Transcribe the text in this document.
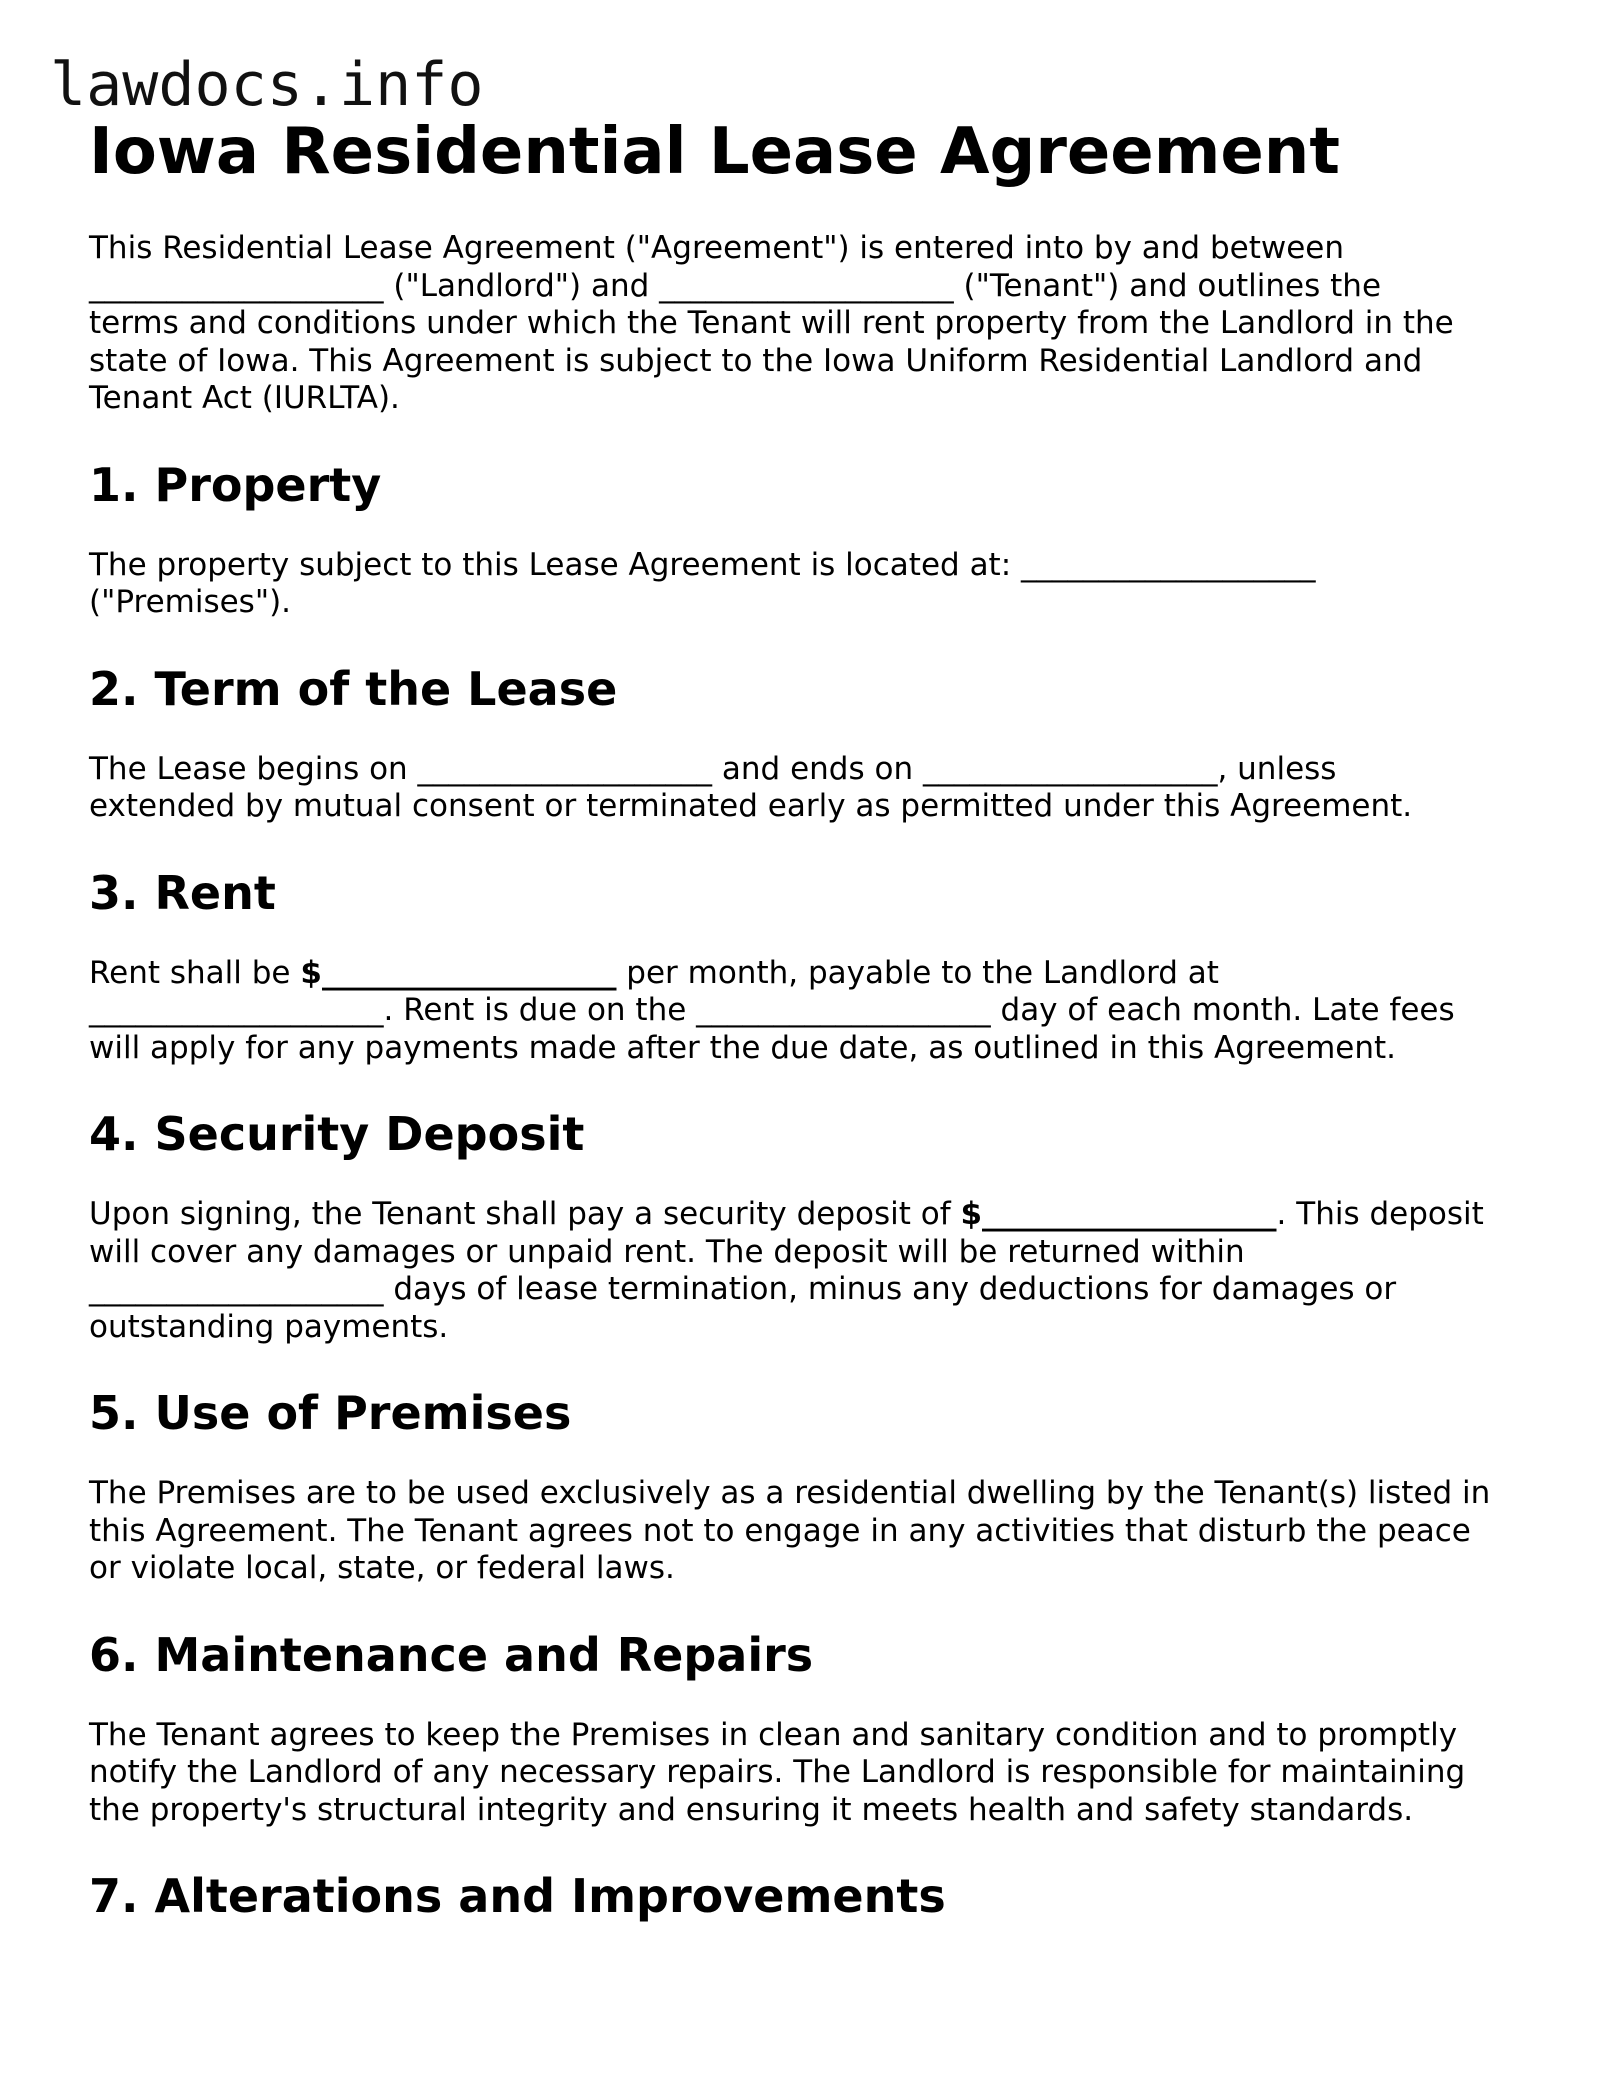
lawdocs.info
Iowa Residential Lease Agreement
This Residential Lease Agreement ("Agreement") is entered into by and between
___________________ ("Landlord") and ___________________ ("Tenant") and outlines the
terms and conditions under which the Tenant will rent property from the Landlord in the
state of Iowa. This Agreement is subject to the Iowa Uniform Residential Landlord and
Tenant Act (IURLTA).
1. Property
The property subject to this Lease Agreement is located at: ___________________
("Premises").
2. Term of the Lease
The Lease begins on ___________________ and ends on ___________________, unless
extended by mutual consent or terminated early as permitted under this Agreement.
3. Rent
Rent shall be $___________________ per month, payable to the Landlord at
___________________. Rent is due on the ___________________ day of each month. Late fees
will apply for any payments made after the due date, as outlined in this Agreement.
4. Security Deposit
Upon signing, the Tenant shall pay a security deposit of $___________________. This deposit
will cover any damages or unpaid rent. The deposit will be returned within
___________________ days of lease termination, minus any deductions for damages or
outstanding payments.
5. Use of Premises
The Premises are to be used exclusively as a residential dwelling by the Tenant(s) listed in
this Agreement. The Tenant agrees not to engage in any activities that disturb the peace
or violate local, state, or federal laws.
6. Maintenance and Repairs
The Tenant agrees to keep the Premises in clean and sanitary condition and to promptly
notify the Landlord of any necessary repairs. The Landlord is responsible for maintaining
the property's structural integrity and ensuring it meets health and safety standards.
7. Alterations and Improvements
